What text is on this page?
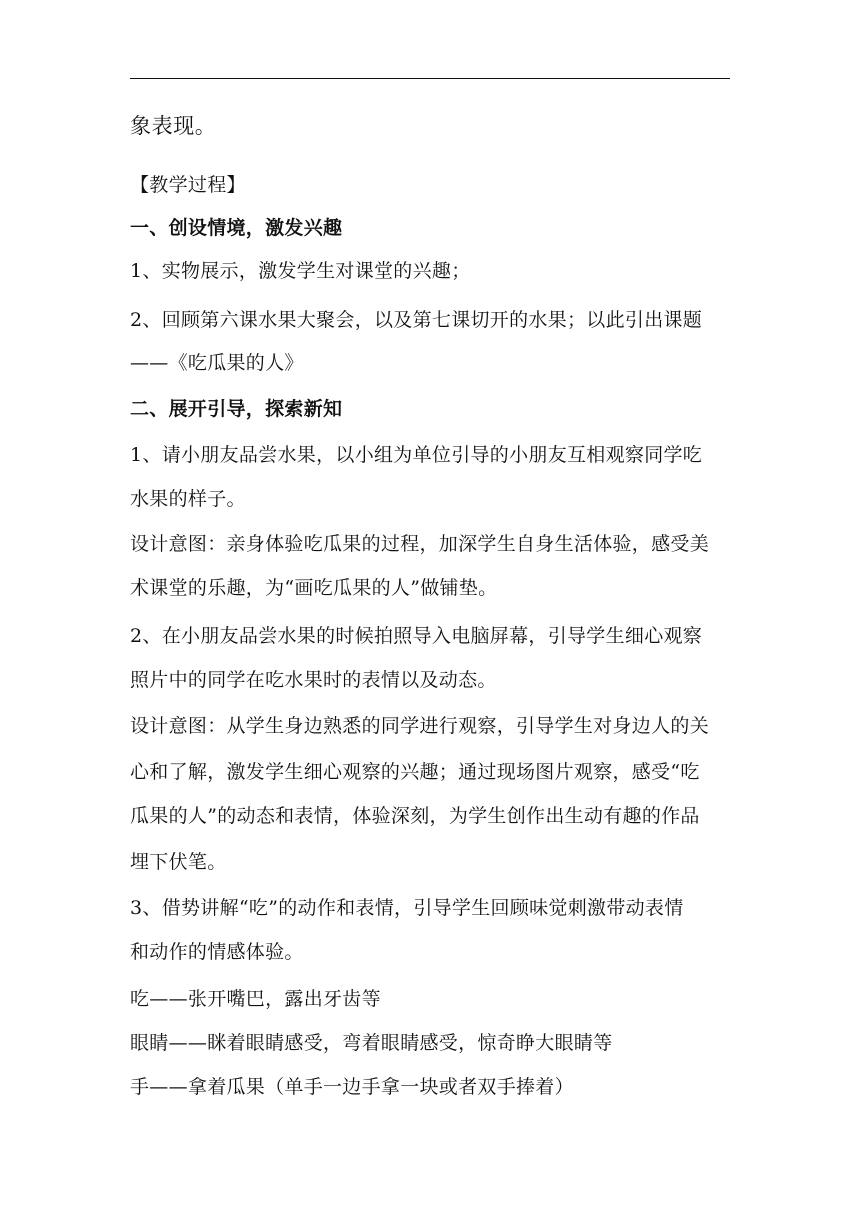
象表现。
【教学过程】
一、创设情境，激发兴趣
1、实物展示，激发学生对课堂的兴趣；
2、回顾第六课水果大聚会，以及第七课切开的水果；以此引出课题
——《吃瓜果的人》
二、展开引导，探索新知
1、请小朋友品尝水果，以小组为单位引导的小朋友互相观察同学吃
水果的样子。
设计意图：亲身体验吃瓜果的过程，加深学生自身生活体验，感受美
术课堂的乐趣，为“画吃瓜果的人”做铺垫。
2、在小朋友品尝水果的时候拍照导入电脑屏幕，引导学生细心观察
照片中的同学在吃水果时的表情以及动态。
设计意图：从学生身边熟悉的同学进行观察，引导学生对身边人的关
心和了解，激发学生细心观察的兴趣；通过现场图片观察，感受“吃
瓜果的人”的动态和表情，体验深刻，为学生创作出生动有趣的作品
埋下伏笔。
3、借势讲解“吃”的动作和表情，引导学生回顾味觉刺激带动表情
和动作的情感体验。
吃——张开嘴巴，露出牙齿等
眼睛——眯着眼睛感受，弯着眼睛感受，惊奇睁大眼睛等
手——拿着瓜果（单手一边手拿一块或者双手捧着）
